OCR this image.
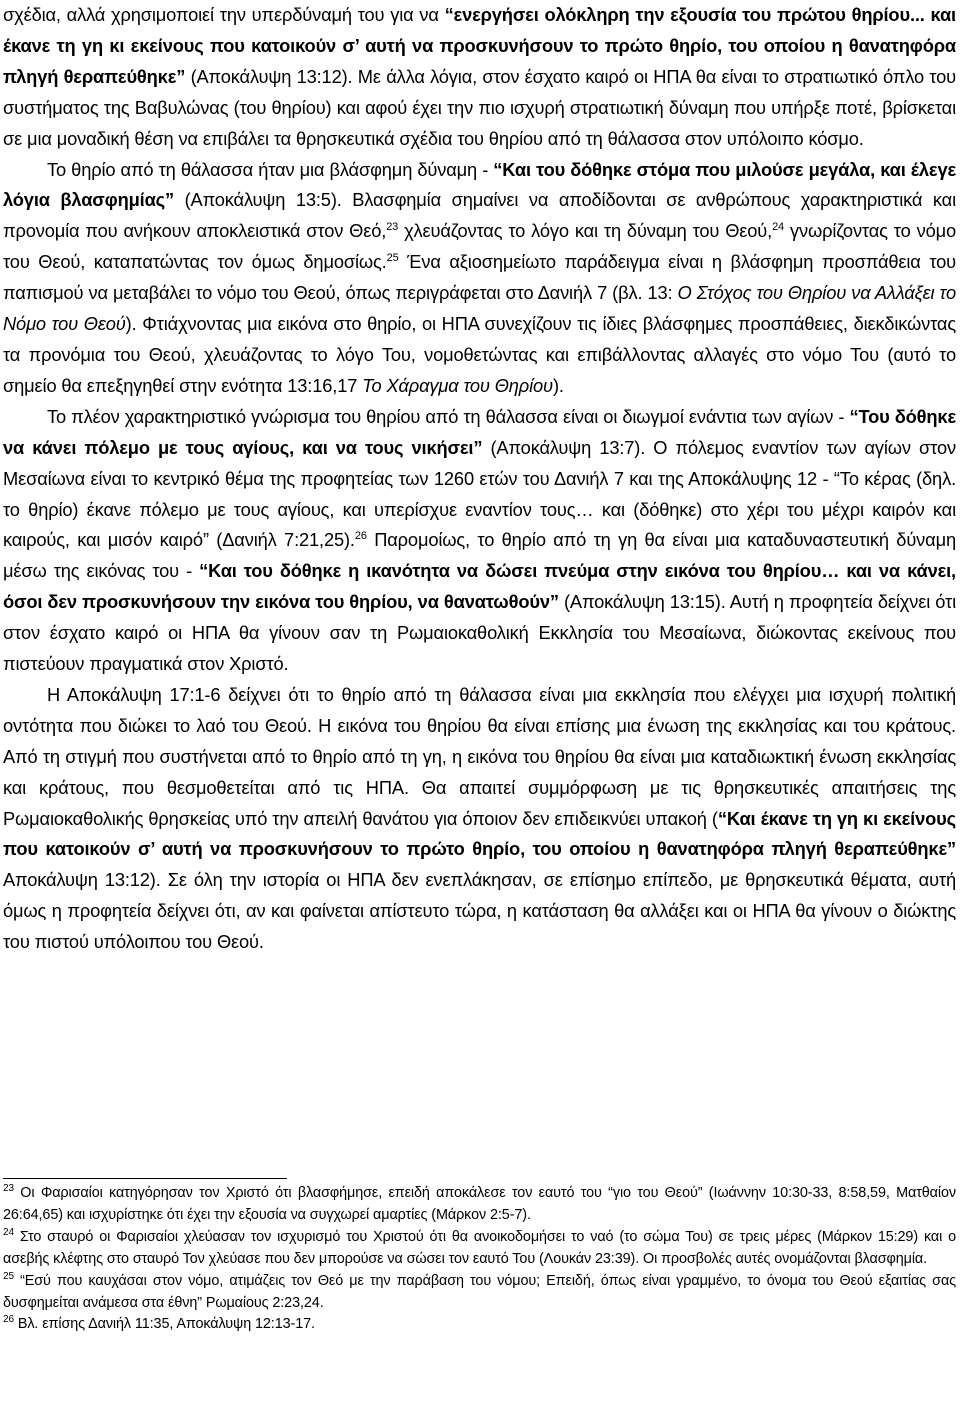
σχέδια, αλλά χρησιμοποιεί την υπερδύναμή του για να “ενεργήσει ολόκληρη την εξουσία του πρώτου θηρίου... και έκανε τη γη κι εκείνους που κατοικούν σ’ αυτή να προσκυνήσουν το πρώτο θηρίο, του οποίου η θανατηφόρα πληγή θεραπεύθηκε” (Αποκάλυψη 13:12). Με άλλα λόγια, στον έσχατο καιρό οι ΗΠΑ θα είναι το στρατιωτικό όπλο του συστήματος της Βαβυλώνας (του θηρίου) και αφού έχει την πιο ισχυρή στρατιωτική δύναμη που υπήρξε ποτέ, βρίσκεται σε μια μοναδική θέση να επιβάλει τα θρησκευτικά σχέδια του θηρίου από τη θάλασσα στον υπόλοιπο κόσμο.

Το θηρίο από τη θάλασσα ήταν μια βλάσφημη δύναμη - “Και του δόθηκε στόμα που μιλούσε μεγάλα, και έλεγε λόγια βλασφημίας” (Αποκάλυψη 13:5). Βλασφημία σημαίνει να αποδίδονται σε ανθρώπους χαρακτηριστικά και προνομία που ανήκουν αποκλειστικά στον Θεό,$^{23}$ χλευάζοντας το λόγο και τη δύναμη του Θεού,$^{24}$ γνωρίζοντας το νόμο του Θεού, καταπατώντας τον όμως δημοσίως.$^{25}$ Ένα αξιοσημείωτο παράδειγμα είναι η βλάσφημη προσπάθεια του παπισμού να μεταβάλει το νόμο του Θεού, όπως περιγράφεται στο Δανιήλ 7 (βλ. 13: Ο Στόχος του Θηρίου να Αλλάξει το Νόμο του Θεού). Φτιάχνοντας μια εικόνα στο θηρίο, οι ΗΠΑ συνεχίζουν τις ίδιες βλάσφημες προσπάθειες, διεκδικώντας τα προνόμια του Θεού, χλευάζοντας το λόγο Του, νομοθετώντας και επιβάλλοντας αλλαγές στο νόμο Του (αυτό το σημείο θα επεξηγηθεί στην ενότητα 13:16,17 Το Χάραγμα του Θηρίου).

Το πλέον χαρακτηριστικό γνώρισμα του θηρίου από τη θάλασσα είναι οι διωγμοί ενάντια των αγίων - “Του δόθηκε να κάνει πόλεμο με τους αγίους, και να τους νικήσει” (Αποκάλυψη 13:7). Ο πόλεμος εναντίον των αγίων στον Μεσαίωνα είναι το κεντρικό θέμα της προφητείας των 1260 ετών του Δανιήλ 7 και της Αποκάλυψης 12 - “Το κέρας (δηλ. το θηρίο) έκανε πόλεμο με τους αγίους, και υπερίσχυε εναντίον τους… και (δόθηκε) στο χέρι του μέχρι καιρόν και καιρούς, και μισόν καιρό” (Δανιήλ 7:21,25).$^{26}$ Παρομοίως, το θηρίο από τη γη θα είναι μια καταδυναστευτική δύναμη μέσω της εικόνας του - “Και του δόθηκε η ικανότητα να δώσει πνεύμα στην εικόνα του θηρίου… και να κάνει, όσοι δεν προσκυνήσουν την εικόνα του θηρίου, να θανατωθούν” (Αποκάλυψη 13:15). Αυτή η προφητεία δείχνει ότι στον έσχατο καιρό οι ΗΠΑ θα γίνουν σαν τη Ρωμαιοκαθολική Εκκλησία του Μεσαίωνα, διώκοντας εκείνους που πιστεύουν πραγματικά στον Χριστό.

Η Αποκάλυψη 17:1-6 δείχνει ότι το θηρίο από τη θάλασσα είναι μια εκκλησία που ελέγχει μια ισχυρή πολιτική οντότητα που διώκει το λαό του Θεού. Η εικόνα του θηρίου θα είναι επίσης μια ένωση της εκκλησίας και του κράτους. Από τη στιγμή που συστήνεται από το θηρίο από τη γη, η εικόνα του θηρίου θα είναι μια καταδιωκτική ένωση εκκλησίας και κράτους, που θεσμοθετείται από τις ΗΠΑ. Θα απαιτεί συμμόρφωση με τις θρησκευτικές απαιτήσεις της Ρωμαιοκαθολικής θρησκείας υπό την απειλή θανάτου για όποιον δεν επιδεικνύει υπακοή (“Και έκανε τη γη κι εκείνους που κατοικούν σ’ αυτή να προσκυνήσουν το πρώτο θηρίο, του οποίου η θανατηφόρα πληγή θεραπεύθηκε” Αποκάλυψη 13:12). Σε όλη την ιστορία οι ΗΠΑ δεν ενεπλάκησαν, σε επίσημο επίπεδο, με θρησκευτικά θέματα, αυτή όμως η προφητεία δείχνει ότι, αν και φαίνεται απίστευτο τώρα, η κατάσταση θα αλλάξει και οι ΗΠΑ θα γίνουν ο διώκτης του πιστού υπόλοιπου του Θεού.

$^{23}$ Οι Φαρισαίοι κατηγόρησαν τον Χριστό ότι βλασφήμησε, επειδή αποκάλεσε τον εαυτό του “γιο του Θεού” (Ιωάννην 10:30-33, 8:58,59, Ματθαίον 26:64,65) και ισχυρίστηκε ότι έχει την εξουσία να συγχωρεί αμαρτίες (Μάρκον 2:5-7).

$^{24}$ Στο σταυρό οι Φαρισαίοι χλεύασαν τον ισχυρισμό του Χριστού ότι θα ανοικοδομήσει το ναό (το σώμα Του) σε τρεις μέρες (Μάρκον 15:29) και ο ασεβής κλέφτης στο σταυρό Τον χλεύασε που δεν μπορούσε να σώσει τον εαυτό Του (Λουκάν 23:39). Οι προσβολές αυτές ονομάζονται βλασφημία.

$^{25}$ “Εσύ που καυχάσαι στον νόμο, ατιμάζεις τον Θεό με την παράβαση του νόμου; Επειδή, όπως είναι γραμμένο, το όνομα του Θεού εξαιτίας σας δυσφημείται ανάμεσα στα έθνη” Ρωμαίους 2:23,24.

$^{26}$ Βλ. επίσης Δανιήλ 11:35, Αποκάλυψη 12:13-17.
